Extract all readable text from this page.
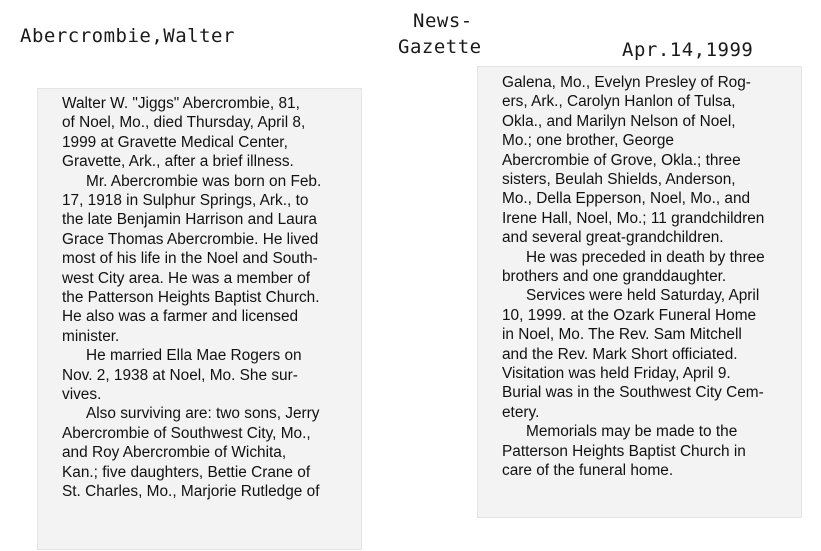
Abercrombie,Walter
News-
Gazette	Apr.14,1999

Walter W. "Jiggs" Abercrombie, 81,
of Noel, Mo., died Thursday, April 8,
1999 at Gravette Medical Center,
Gravette, Ark., after a brief illness.

Mr. Abercrombie was born on Feb.
17, 1918 in Sulphur Springs, Ark., to
the late Benjamin Harrison and Laura
Grace Thomas Abercrombie. He lived
most of his life in the Noel and South-
west City area. He was a member of
the Patterson Heights Baptist Church.
He also was a farmer and licensed
minister.

He married Ella Mae Rogers on
Nov. 2, 1938 at Noel, Mo. She sur-
vives.

Also surviving are: two sons, Jerry
Abercrombie of Southwest City, Mo.,
and Roy Abercrombie of Wichita,
Kan.; five daughters, Bettie Crane of
St. Charles, Mo., Marjorie Rutledge of

Galena, Mo., Evelyn Presley of Rog-
ers, Ark., Carolyn Hanlon of Tulsa,
Okla., and Marilyn Nelson of Noel,
Mo.; one brother, George
Abercrombie of Grove, Okla.; three
sisters, Beulah Shields, Anderson,
Mo., Della Epperson, Noel, Mo., and
Irene Hall, Noel, Mo.; 11 grandchildren
and several great-grandchildren.

He was preceded in death by three
brothers and one granddaughter.

Services were held Saturday, April
10, 1999. at the Ozark Funeral Home
in Noel, Mo. The Rev. Sam Mitchell
and the Rev. Mark Short officiated.
Visitation was held Friday, April 9.
Burial was in the Southwest City Cem-
etery.

Memorials may be made to the
Patterson Heights Baptist Church in
care of the funeral home.
